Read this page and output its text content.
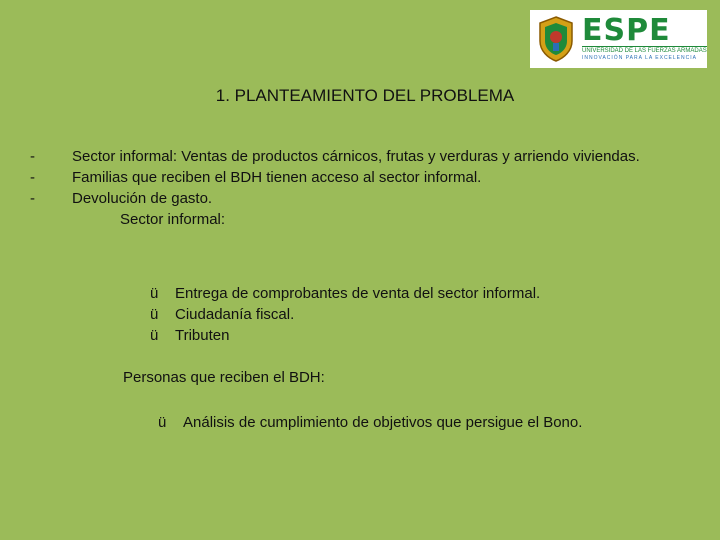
ESPE
UNIVERSIDAD DE LAS FUERZAS ARMADAS
INNOVACIÓN PARA LA EXCELENCIA
1. PLANTEAMIENTO DEL PROBLEMA
-	Sector informal: Ventas de productos cárnicos, frutas y verduras y arriendo viviendas.
-	Familias que reciben el BDH tienen acceso al sector informal.
-	Devolución de gasto.
Sector informal:
ü	Entrega de comprobantes de venta del sector informal.
ü	Ciudadanía fiscal.
ü	Tributen
Personas que reciben el BDH:
ü	Análisis de cumplimiento de objetivos que persigue el Bono.
